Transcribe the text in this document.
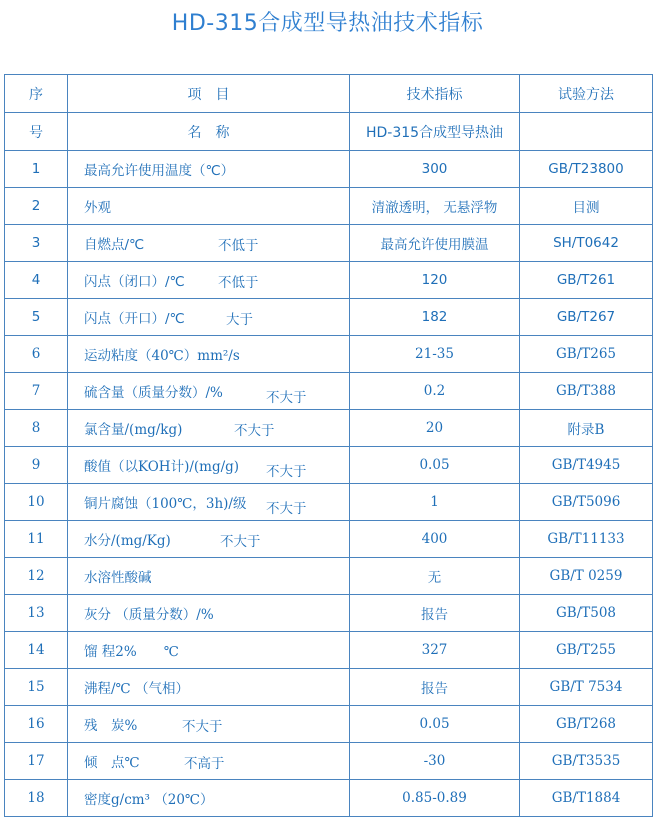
HD-315合成型导热油技术指标
序	项　目	技术指标	试验方法
号	名　称	HD-315合成型导热油	
1	最高允许使用温度（℃）	300	GB/T23800
2	外观	清澈透明， 无悬浮物	目测
3	自燃点/℃ 不低于	最高允许使用膜温	SH/T0642
4	闪点（闭口）/℃ 不低于	120	GB/T261
5	闪点（开口）/℃ 大于	182	GB/T267
6	运动粘度（40℃）mm²/s	21-35	GB/T265
7	硫含量（质量分数）/% 不大于	0.2	GB/T388
8	氯含量/(mg/kg) 不大于	20	附录B
9	酸值（以KOH计)/(mg/g) 不大于	0.05	GB/T4945
10	铜片腐蚀（100℃，3h)/级 不大于	1	GB/T5096
11	水分/(mg/Kg) 不大于	400	GB/T11133
12	水溶性酸碱	无	GB/T 0259
13	灰分 （质量分数）/%	报告	GB/T508
14	馏 程2%　　℃	327	GB/T255
15	沸程/℃ （气相）	报告	GB/T 7534
16	残　炭% 不大于	0.05	GB/T268
17	倾　点℃ 不高于	-30	GB/T3535
18	密度g/cm³ （20℃）	0.85-0.89	GB/T1884
